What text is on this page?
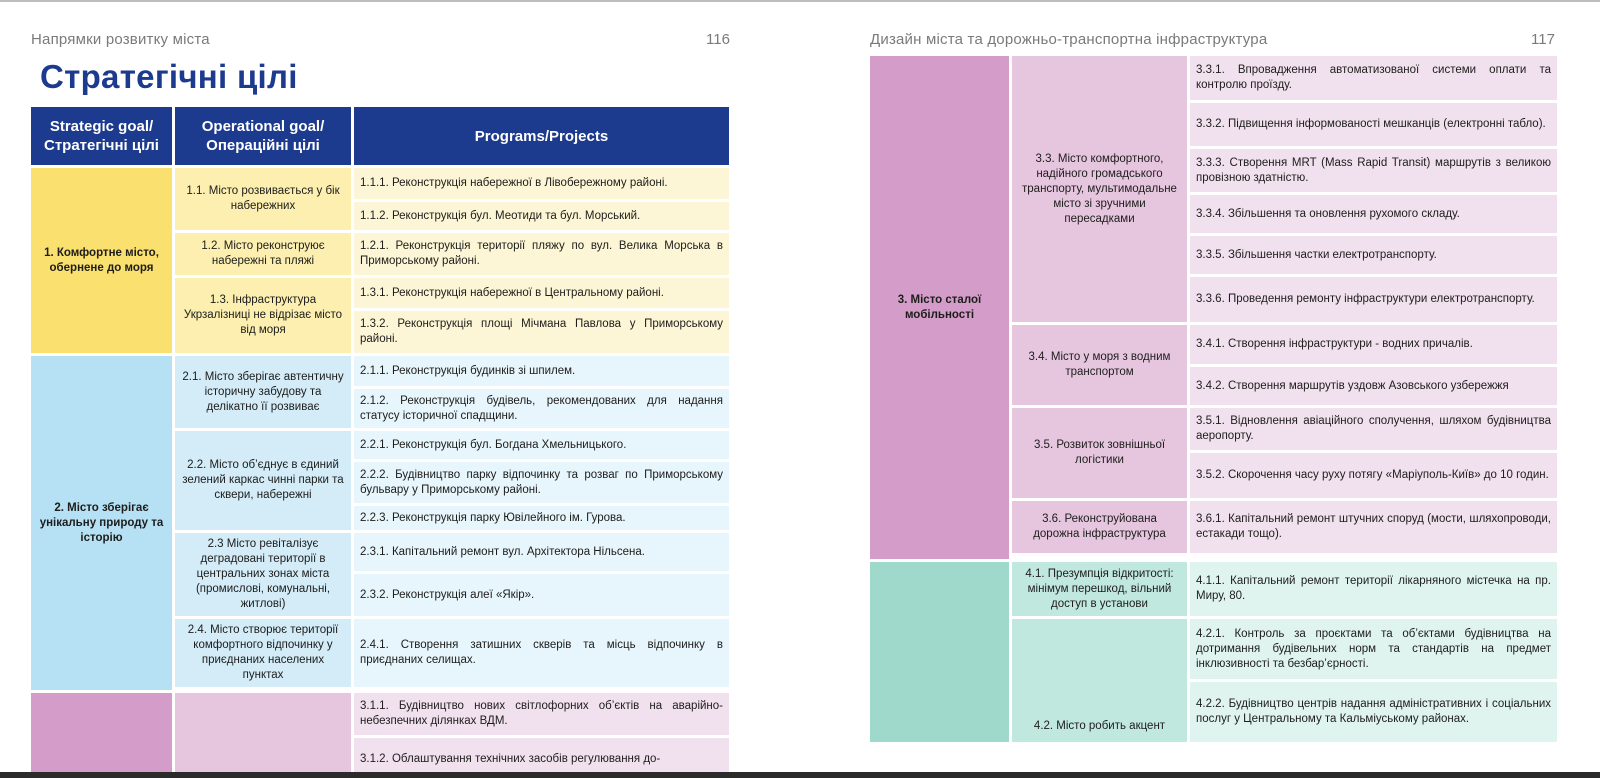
Напрямки розвитку міста	116
Стратегічні цілі
Strategic goal/ Стратегічні цілі	Operational goal/ Операційні цілі	Programs/Projects
1. Комфортне місто, обернене до моря	1.1. Місто розвивається у бік набережних	1.1.1. Реконструкція набережної в Лівобережному районі.
		1.1.2. Реконструкція бул. Меотиди та бул. Морський.
	1.2. Місто реконструює набережні та пляжі	1.2.1. Реконструкція території пляжу по вул. Велика Морська в Приморському районі.
	1.3. Інфраструктура Укрзалізниці не відрізає місто від моря	1.3.1. Реконструкція набережної в Центральному районі.
		1.3.2. Реконструкція площі Мічмана Павлова у Приморському районі.
2. Місто зберігає унікальну природу та історію	2.1. Місто зберігає автентичну історичну забудову та делікатно її розвиває	2.1.1. Реконструкція будинків зі шпилем.
		2.1.2. Реконструкція будівель, рекомендованих для надання статусу історичної спадщини.
	2.2. Місто об’єднує в єдиний зелений каркас чинні парки та сквери, набережні	2.2.1. Реконструкція бул. Богдана Хмельницького.
		2.2.2. Будівництво парку відпочинку та розваг по Приморському бульвару у Приморському районі.
		2.2.3. Реконструкція парку Ювілейного ім. Гурова.
	2.3 Місто ревіталізує деградовані території в центральних зонах міста (промислові, комунальні, житлові)	2.3.1. Капітальний ремонт вул. Архітектора Нільсена.
		2.3.2. Реконструкція алеї «Якір».
	2.4. Місто створює території комфортного відпочинку у приєднаних населених пунктах	2.4.1. Створення затишних скверів та місць відпочинку в приєднаних селищах.

		3.1.1. Будівництво нових світлофорних об’єктів на аварійно-небезпечних ділянках ВДМ.
		3.1.2. Облаштування технічних засобів регулювання до-
Дизайн міста та дорожньо-транспортна інфраструктура	117
3. Місто сталої мобільності	3.3. Місто комфортного, надійного громадського транспорту, мультимодальне місто зі зручними пересадками	3.3.1. Впровадження автоматизованої системи оплати та контролю проїзду.
		3.3.2. Підвищення інформованості мешканців (електронні табло).
		3.3.3. Створення MRT (Mass Rapid Transit) маршрутів з великою провізною здатністю.
		3.3.4. Збільшення та оновлення рухомого складу.
		3.3.5. Збільшення частки електротранспорту.
		3.3.6. Проведення ремонту інфраструктури електротранспорту.
	3.4. Місто у моря з водним транспортом	3.4.1. Створення інфраструктури - водних причалів.
		3.4.2. Створення маршрутів уздовж Азовського узбережжя
	3.5. Розвиток зовнішньої логістики	3.5.1. Відновлення авіаційного сполучення, шляхом будівництва аеропорту.
		3.5.2. Скорочення часу руху потягу «Маріуполь-Київ» до 10 годин.
	3.6. Реконструйована дорожна інфраструктура	3.6.1. Капітальний ремонт штучних споруд (мости, шляхопроводи, естакади тощо).

	4.1. Презумпція відкритості: мінімум перешкод, вільний доступ в установи	4.1.1. Капітальний ремонт території лікарняного містечка на пр. Миру, 80.
	4.2. Місто робить акцент	4.2.1. Контроль за проєктами та об’єктами будівництва на дотримання будівельних норм та стандартів на предмет інклюзивності та безбар’єрності.
		4.2.2. Будівництво центрів надання адміністративних і соціальних послуг у Центральному та Кальміуському районах.
